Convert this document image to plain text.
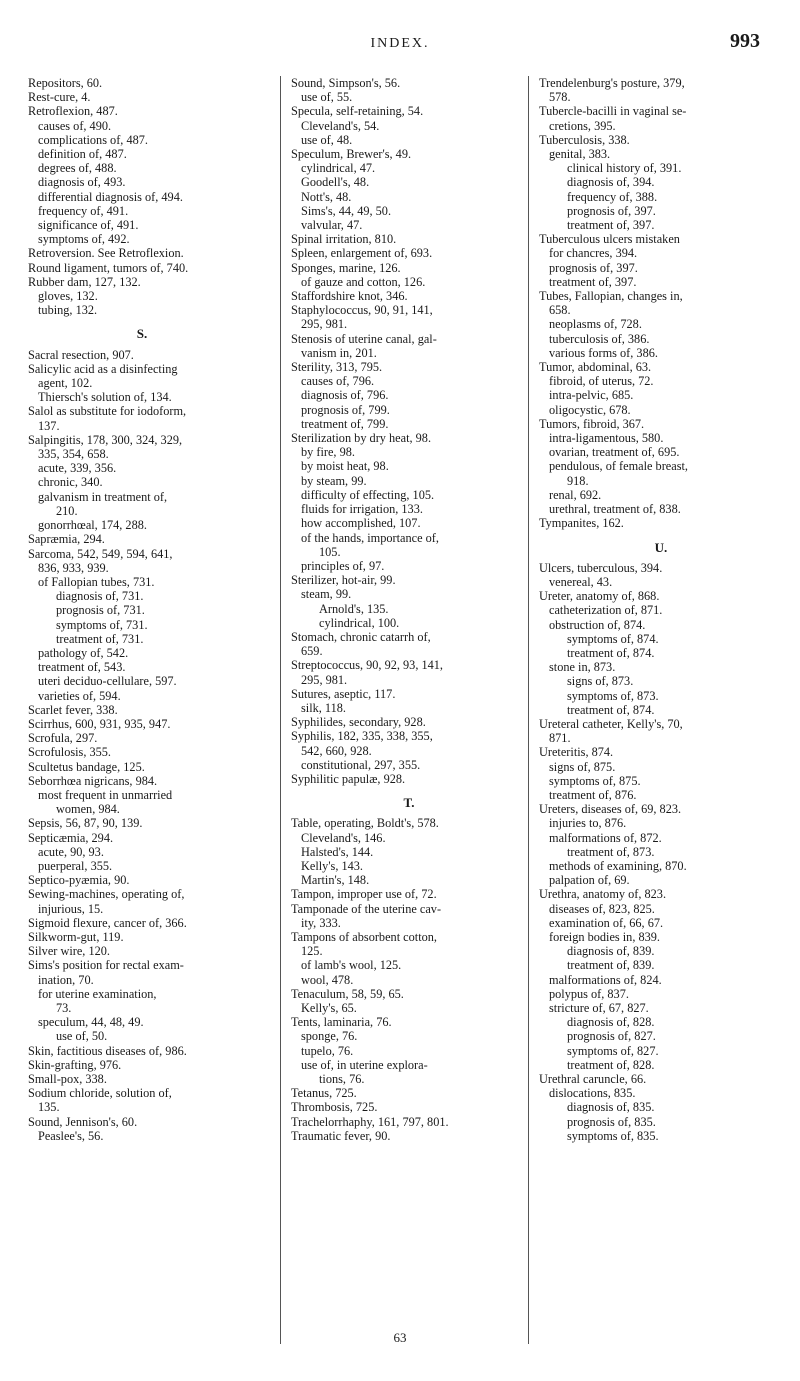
INDEX.	993
Repositors, 60.
Rest-cure, 4.
Retroflexion, 487.
causes of, 490.
complications of, 487.
definition of, 487.
degrees of, 488.
diagnosis of, 493.
differential diagnosis of, 494.
frequency of, 491.
significance of, 491.
symptoms of, 492.
Retroversion. See Retroflexion.
Round ligament, tumors of, 740.
Rubber dam, 127, 132.
gloves, 132.
tubing, 132.
S.
Sacral resection, 907.
Salicylic acid as a disinfecting
agent, 102.
Thiersch's solution of, 134.
Salol as substitute for iodoform,
137.
Salpingitis, 178, 300, 324, 329,
335, 354, 658.
acute, 339, 356.
chronic, 340.
galvanism in treatment of,
210.
gonorrhœal, 174, 288.
Sapræmia, 294.
Sarcoma, 542, 549, 594, 641,
836, 933, 939.
of Fallopian tubes, 731.
diagnosis of, 731.
prognosis of, 731.
symptoms of, 731.
treatment of, 731.
pathology of, 542.
treatment of, 543.
uteri deciduo-cellulare, 597.
varieties of, 594.
Scarlet fever, 338.
Scirrhus, 600, 931, 935, 947.
Scrofula, 297.
Scrofulosis, 355.
Scultetus bandage, 125.
Seborrhœa nigricans, 984.
most frequent in unmarried
women, 984.
Sepsis, 56, 87, 90, 139.
Septicæmia, 294.
acute, 90, 93.
puerperal, 355.
Septico-pyæmia, 90.
Sewing-machines, operating of,
injurious, 15.
Sigmoid flexure, cancer of, 366.
Silkworm-gut, 119.
Silver wire, 120.
Sims's position for rectal exam-
ination, 70.
for uterine examination,
73.
speculum, 44, 48, 49.
use of, 50.
Skin, factitious diseases of, 986.
Skin-grafting, 976.
Small-pox, 338.
Sodium chloride, solution of,
135.
Sound, Jennison's, 60.
Peaslee's, 56.
Sound, Simpson's, 56.
use of, 55.
Specula, self-retaining, 54.
Cleveland's, 54.
use of, 48.
Speculum, Brewer's, 49.
cylindrical, 47.
Goodell's, 48.
Nott's, 48.
Sims's, 44, 49, 50.
valvular, 47.
Spinal irritation, 810.
Spleen, enlargement of, 693.
Sponges, marine, 126.
of gauze and cotton, 126.
Staffordshire knot, 346.
Staphylococcus, 90, 91, 141,
295, 981.
Stenosis of uterine canal, gal-
vanism in, 201.
Sterility, 313, 795.
causes of, 796.
diagnosis of, 796.
prognosis of, 799.
treatment of, 799.
Sterilization by dry heat, 98.
by fire, 98.
by moist heat, 98.
by steam, 99.
difficulty of effecting, 105.
fluids for irrigation, 133.
how accomplished, 107.
of the hands, importance of,
105.
principles of, 97.
Sterilizer, hot-air, 99.
steam, 99.
Arnold's, 135.
cylindrical, 100.
Stomach, chronic catarrh of,
659.
Streptococcus, 90, 92, 93, 141,
295, 981.
Sutures, aseptic, 117.
silk, 118.
Syphilides, secondary, 928.
Syphilis, 182, 335, 338, 355,
542, 660, 928.
constitutional, 297, 355.
Syphilitic papulæ, 928.
T.
Table, operating, Boldt's, 578.
Cleveland's, 146.
Halsted's, 144.
Kelly's, 143.
Martin's, 148.
Tampon, improper use of, 72.
Tamponade of the uterine cav-
ity, 333.
Tampons of absorbent cotton,
125.
of lamb's wool, 125.
wool, 478.
Tenaculum, 58, 59, 65.
Kelly's, 65.
Tents, laminaria, 76.
sponge, 76.
tupelo, 76.
use of, in uterine explora-
tions, 76.
Tetanus, 725.
Thrombosis, 725.
Trachelorrhaphy, 161, 797, 801.
Traumatic fever, 90.
Trendelenburg's posture, 379,
578.
Tubercle-bacilli in vaginal se-
cretions, 395.
Tuberculosis, 338.
genital, 383.
clinical history of, 391.
diagnosis of, 394.
frequency of, 388.
prognosis of, 397.
treatment of, 397.
Tuberculous ulcers mistaken
for chancres, 394.
prognosis of, 397.
treatment of, 397.
Tubes, Fallopian, changes in,
658.
neoplasms of, 728.
tuberculosis of, 386.
various forms of, 386.
Tumor, abdominal, 63.
fibroid, of uterus, 72.
intra-pelvic, 685.
oligocystic, 678.
Tumors, fibroid, 367.
intra-ligamentous, 580.
ovarian, treatment of, 695.
pendulous, of female breast,
918.
renal, 692.
urethral, treatment of, 838.
Tympanites, 162.
U.
Ulcers, tuberculous, 394.
venereal, 43.
Ureter, anatomy of, 868.
catheterization of, 871.
obstruction of, 874.
symptoms of, 874.
treatment of, 874.
stone in, 873.
signs of, 873.
symptoms of, 873.
treatment of, 874.
Ureteral catheter, Kelly's, 70,
871.
Ureteritis, 874.
signs of, 875.
symptoms of, 875.
treatment of, 876.
Ureters, diseases of, 69, 823.
injuries to, 876.
malformations of, 872.
treatment of, 873.
methods of examining, 870.
palpation of, 69.
Urethra, anatomy of, 823.
diseases of, 823, 825.
examination of, 66, 67.
foreign bodies in, 839.
diagnosis of, 839.
treatment of, 839.
malformations of, 824.
polypus of, 837.
stricture of, 67, 827.
diagnosis of, 828.
prognosis of, 827.
symptoms of, 827.
treatment of, 828.
Urethral caruncle, 66.
dislocations, 835.
diagnosis of, 835.
prognosis of, 835.
symptoms of, 835.
63
